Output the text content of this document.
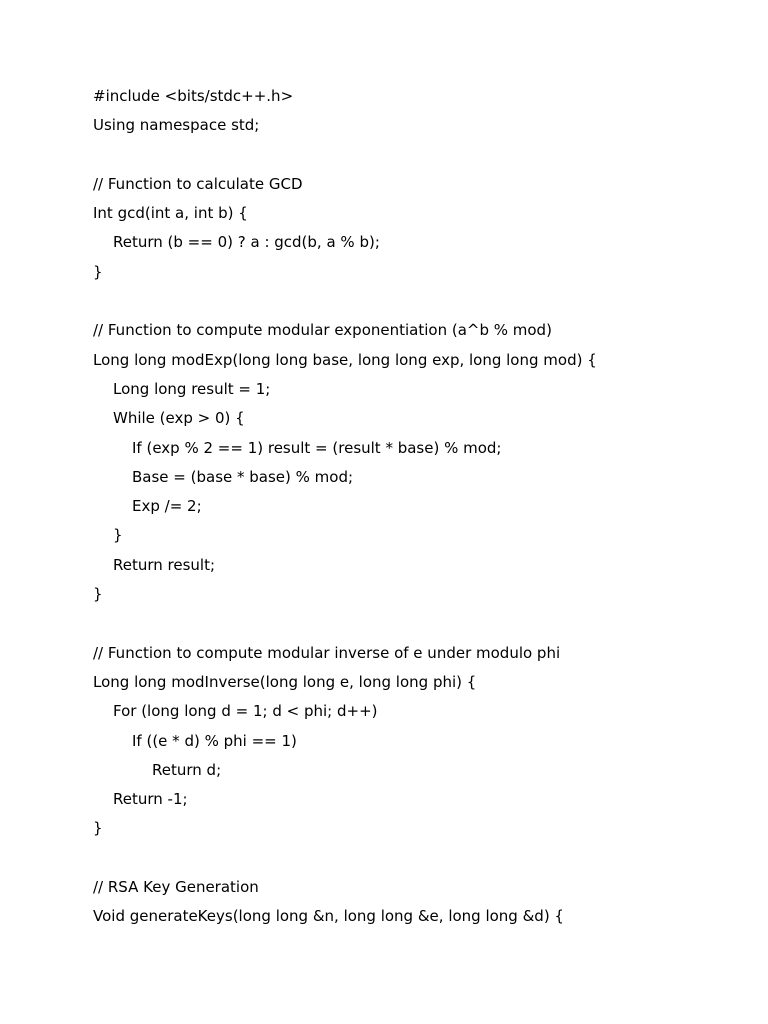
#include <bits/stdc++.h>
Using namespace std;
// Function to calculate GCD
Int gcd(int a, int b) {
Return (b == 0) ? a : gcd(b, a % b);
}
// Function to compute modular exponentiation (a^b % mod)
Long long modExp(long long base, long long exp, long long mod) {
Long long result = 1;
While (exp > 0) {
If (exp % 2 == 1) result = (result * base) % mod;
Base = (base * base) % mod;
Exp /= 2;
}
Return result;
}
// Function to compute modular inverse of e under modulo phi
Long long modInverse(long long e, long long phi) {
For (long long d = 1; d < phi; d++)
If ((e * d) % phi == 1)
Return d;
Return -1;
}
// RSA Key Generation
Void generateKeys(long long &n, long long &e, long long &d) {
